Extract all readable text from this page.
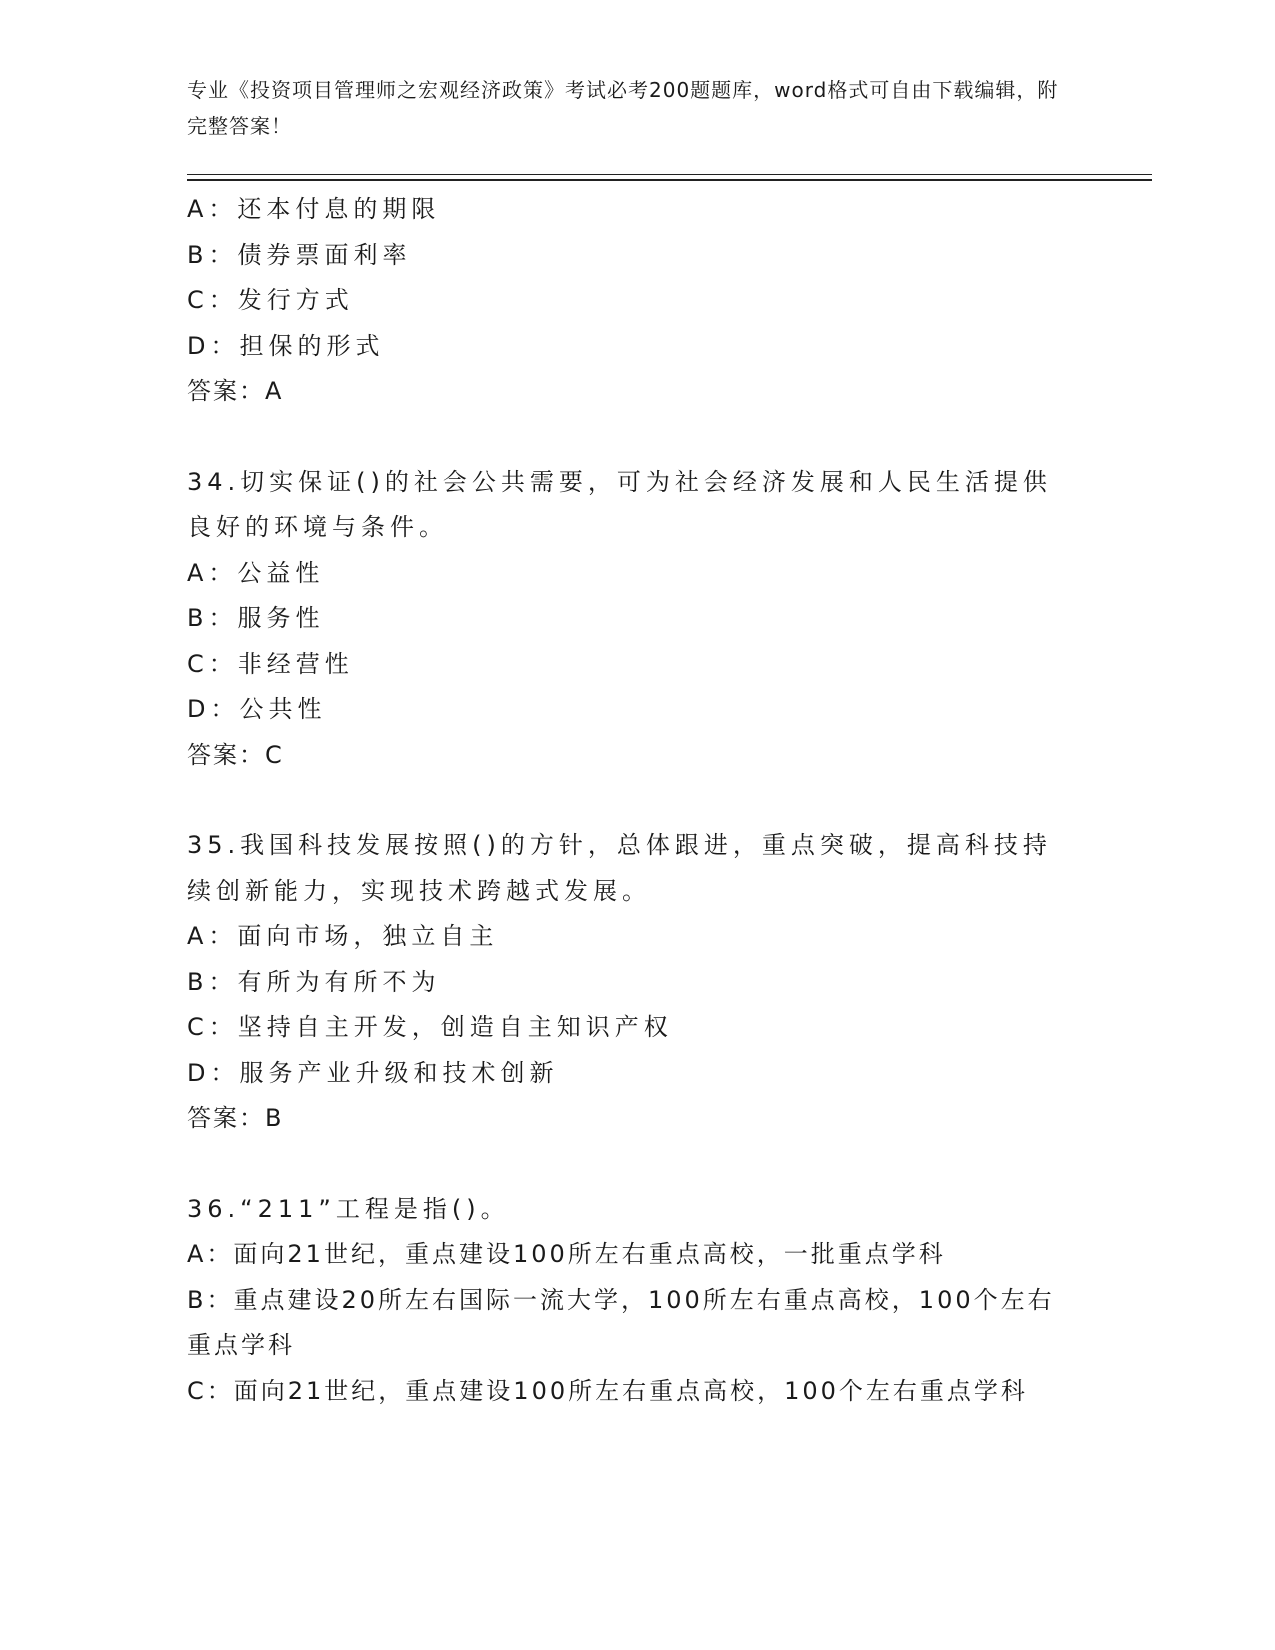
专业《投资项目管理师之宏观经济政策》考试必考200题题库，word格式可自由下载编辑，附完整答案！
A：还本付息的期限
B：债券票面利率
C：发行方式
D：担保的形式
答案：A
34.切实保证()的社会公共需要，可为社会经济发展和人民生活提供良好的环境与条件。
A：公益性
B：服务性
C：非经营性
D：公共性
答案：C
35.我国科技发展按照()的方针，总体跟进，重点突破，提高科技持续创新能力，实现技术跨越式发展。
A：面向市场，独立自主
B：有所为有所不为
C：坚持自主开发，创造自主知识产权
D：服务产业升级和技术创新
答案：B
36.“211”工程是指()。
A：面向21世纪，重点建设100所左右重点高校，一批重点学科
B：重点建设20所左右国际一流大学，100所左右重点高校，100个左右重点学科
C：面向21世纪，重点建设100所左右重点高校，100个左右重点学科
